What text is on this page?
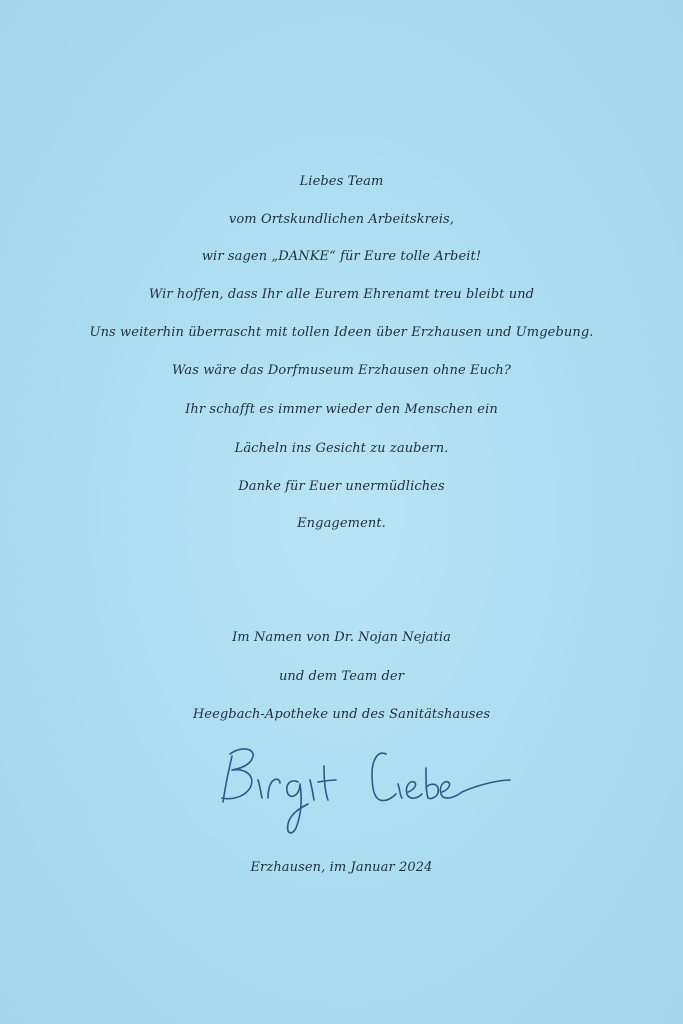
Liebes Team
vom Ortskundlichen Arbeitskreis,
wir sagen „DANKE“ für Eure tolle Arbeit!
Wir hoffen, dass Ihr alle Eurem Ehrenamt treu bleibt und
Uns weiterhin überrascht mit tollen Ideen über Erzhausen und Umgebung.
Was wäre das Dorfmuseum Erzhausen ohne Euch?
Ihr schafft es immer wieder den Menschen ein
Lächeln ins Gesicht zu zaubern.
Danke für Euer unermüdliches
Engagement.
Im Namen von Dr. Nojan Nejatia
und dem Team der
Heegbach-Apotheke und des Sanitätshauses
Erzhausen, im Januar 2024
